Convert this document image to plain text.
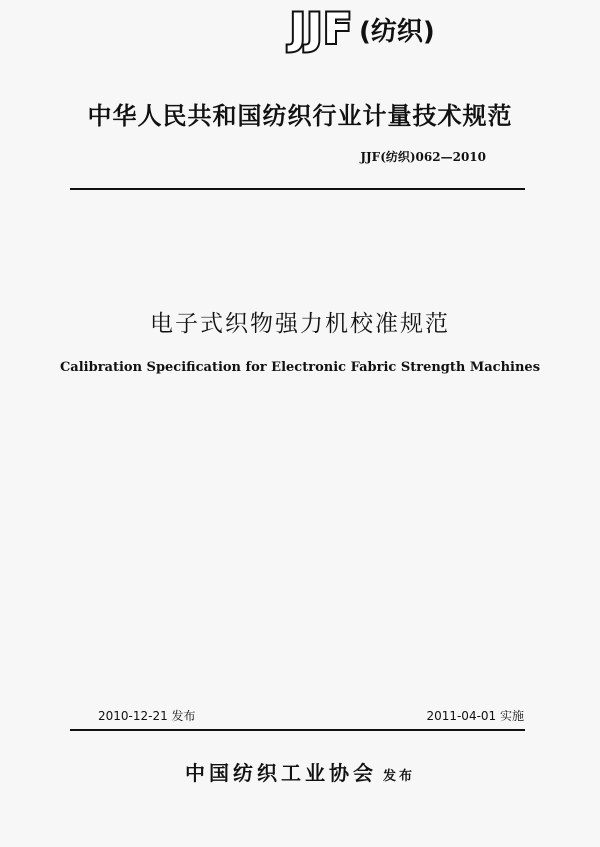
JJF (纺织)
中华人民共和国纺织行业计量技术规范
JJF(纺织)062—2010
电子式织物强力机校准规范
Calibration Specification for Electronic Fabric Strength Machines
2010-12-21 发布	2011-04-01 实施
中国纺织工业协会 发布
